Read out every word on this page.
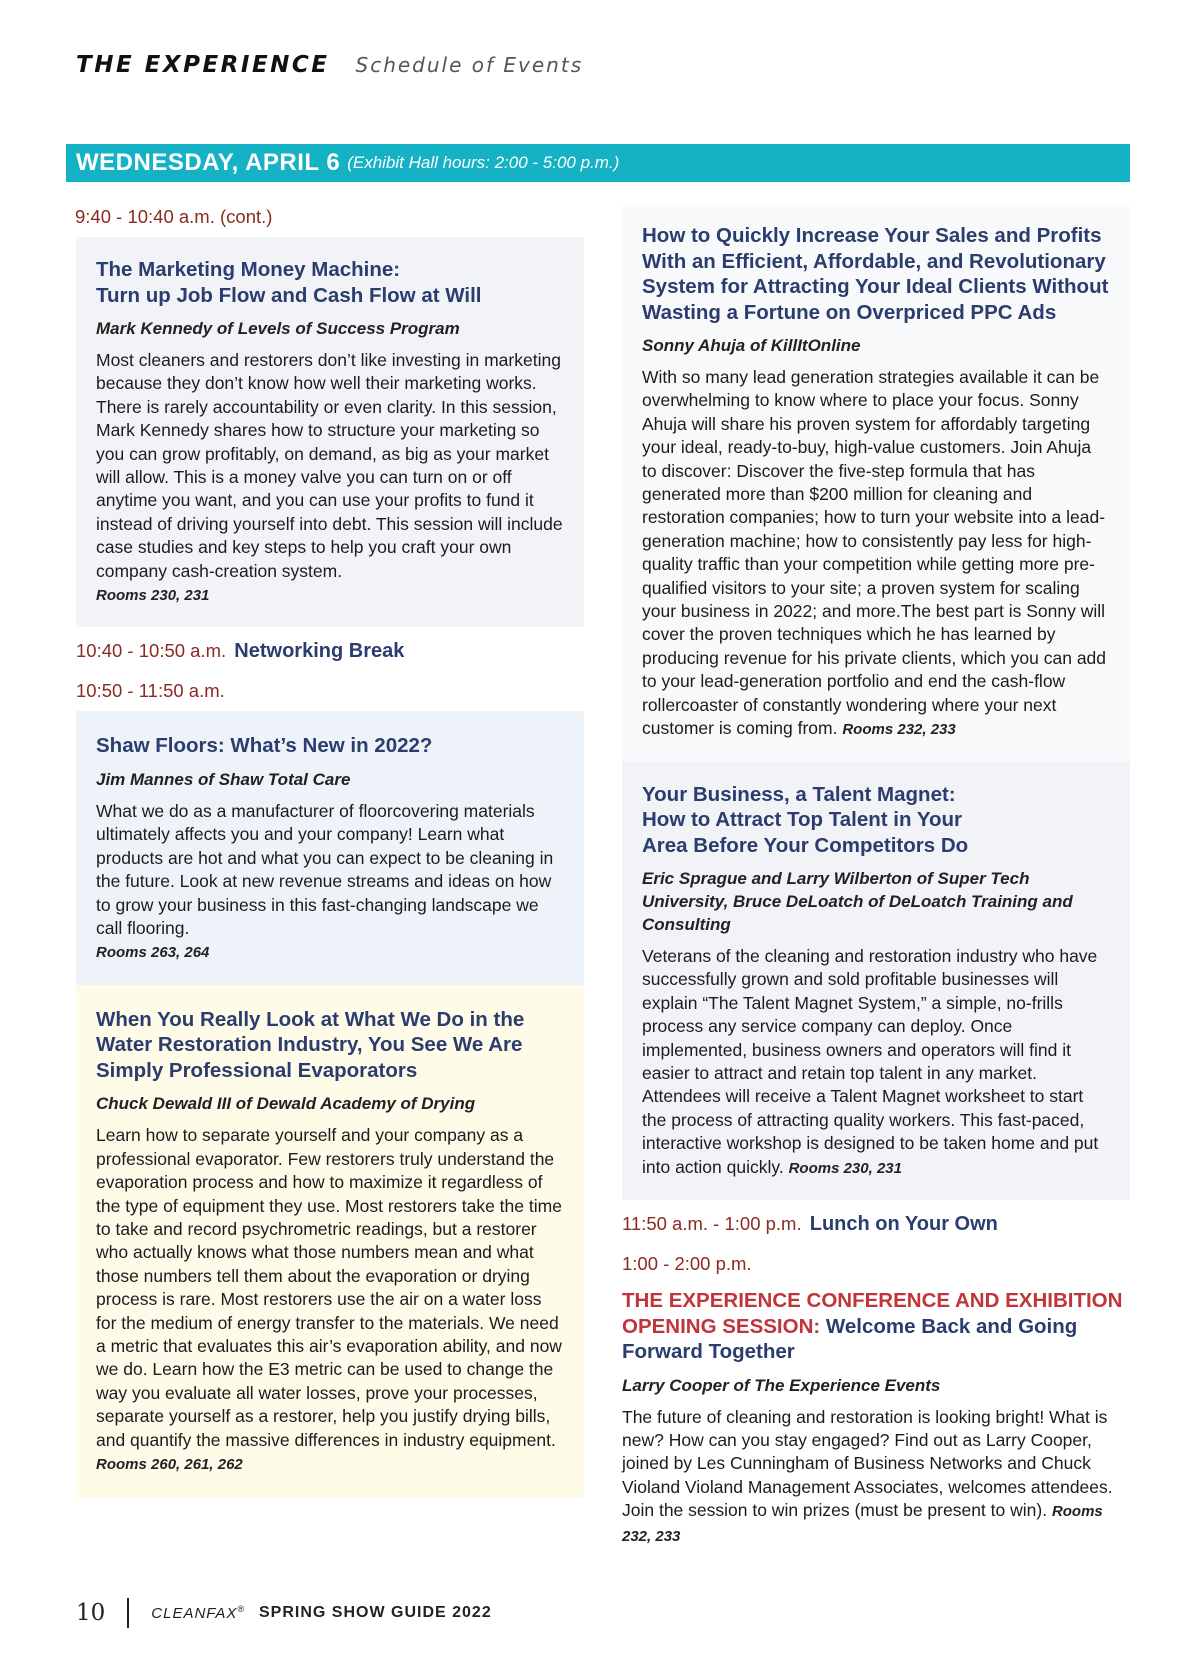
THE EXPERIENCE Schedule of Events
WEDNESDAY, APRIL 6 (Exhibit Hall hours: 2:00 - 5:00 p.m.)

9:40 - 10:40 a.m. (cont.)

The Marketing Money Machine:
Turn up Job Flow and Cash Flow at Will

Mark Kennedy of Levels of Success Program

Most cleaners and restorers don’t like investing in marketing because they don’t know how well their marketing works. There is rarely accountability or even clarity. In this session, Mark Kennedy shares how to structure your marketing so you can grow profitably, on demand, as big as your market will allow. This is a money valve you can turn on or off anytime you want, and you can use your profits to fund it instead of driving yourself into debt. This session will include case studies and key steps to help you craft your own company cash-creation system.
Rooms 230, 231

10:40 - 10:50 a.m. Networking Break

10:50 - 11:50 a.m.

Shaw Floors: What’s New in 2022?

Jim Mannes of Shaw Total Care

What we do as a manufacturer of floorcovering materials ultimately affects you and your company! Learn what products are hot and what you can expect to be cleaning in the future. Look at new revenue streams and ideas on how to grow your business in this fast-changing landscape we call flooring.
Rooms 263, 264

When You Really Look at What We Do in the Water Restoration Industry, You See We Are Simply Professional Evaporators

Chuck Dewald III of Dewald Academy of Drying

Learn how to separate yourself and your company as a professional evaporator. Few restorers truly understand the evaporation process and how to maximize it regardless of the type of equipment they use. Most restorers take the time to take and record psychrometric readings, but a restorer who actually knows what those numbers mean and what those numbers tell them about the evaporation or drying process is rare. Most restorers use the air on a water loss for the medium of energy transfer to the materials. We need a metric that evaluates this air’s evaporation ability, and now we do. Learn how the E3 metric can be used to change the way you evaluate all water losses, prove your processes, separate yourself as a restorer, help you justify drying bills, and quantify the massive differences in industry equipment. Rooms 260, 261, 262

How to Quickly Increase Your Sales and Profits With an Efficient, Affordable, and Revolutionary System for Attracting Your Ideal Clients Without Wasting a Fortune on Overpriced PPC Ads

Sonny Ahuja of KillItOnline

With so many lead generation strategies available it can be overwhelming to know where to place your focus. Sonny Ahuja will share his proven system for affordably targeting your ideal, ready-to-buy, high-value customers. Join Ahuja to discover: Discover the five-step formula that has generated more than $200 million for cleaning and restoration companies; how to turn your website into a lead-generation machine; how to consistently pay less for high-quality traffic than your competition while getting more pre-qualified visitors to your site; a proven system for scaling your business in 2022; and more.The best part is Sonny will cover the proven techniques which he has learned by producing revenue for his private clients, which you can add to your lead-generation portfolio and end the cash-flow rollercoaster of constantly wondering where your next customer is coming from. Rooms 232, 233

Your Business, a Talent Magnet:
How to Attract Top Talent in Your
Area Before Your Competitors Do

Eric Sprague and Larry Wilberton of Super Tech University, Bruce DeLoatch of DeLoatch Training and Consulting

Veterans of the cleaning and restoration industry who have successfully grown and sold profitable businesses will explain “The Talent Magnet System,” a simple, no-frills process any service company can deploy. Once implemented, business owners and operators will find it easier to attract and retain top talent in any market. Attendees will receive a Talent Magnet worksheet to start the process of attracting quality workers. This fast-paced, interactive workshop is designed to be taken home and put into action quickly. Rooms 230, 231

11:50 a.m. - 1:00 p.m. Lunch on Your Own

1:00 - 2:00 p.m.

THE EXPERIENCE CONFERENCE AND EXHIBITION OPENING SESSION: Welcome Back and Going Forward Together

Larry Cooper of The Experience Events

The future of cleaning and restoration is looking bright! What is new? How can you stay engaged? Find out as Larry Cooper, joined by Les Cunningham of Business Networks and Chuck Violand Violand Management Associates, welcomes attendees. Join the session to win prizes (must be present to win). Rooms 232, 233

10	CLEANFAX® SPRING SHOW GUIDE 2022
